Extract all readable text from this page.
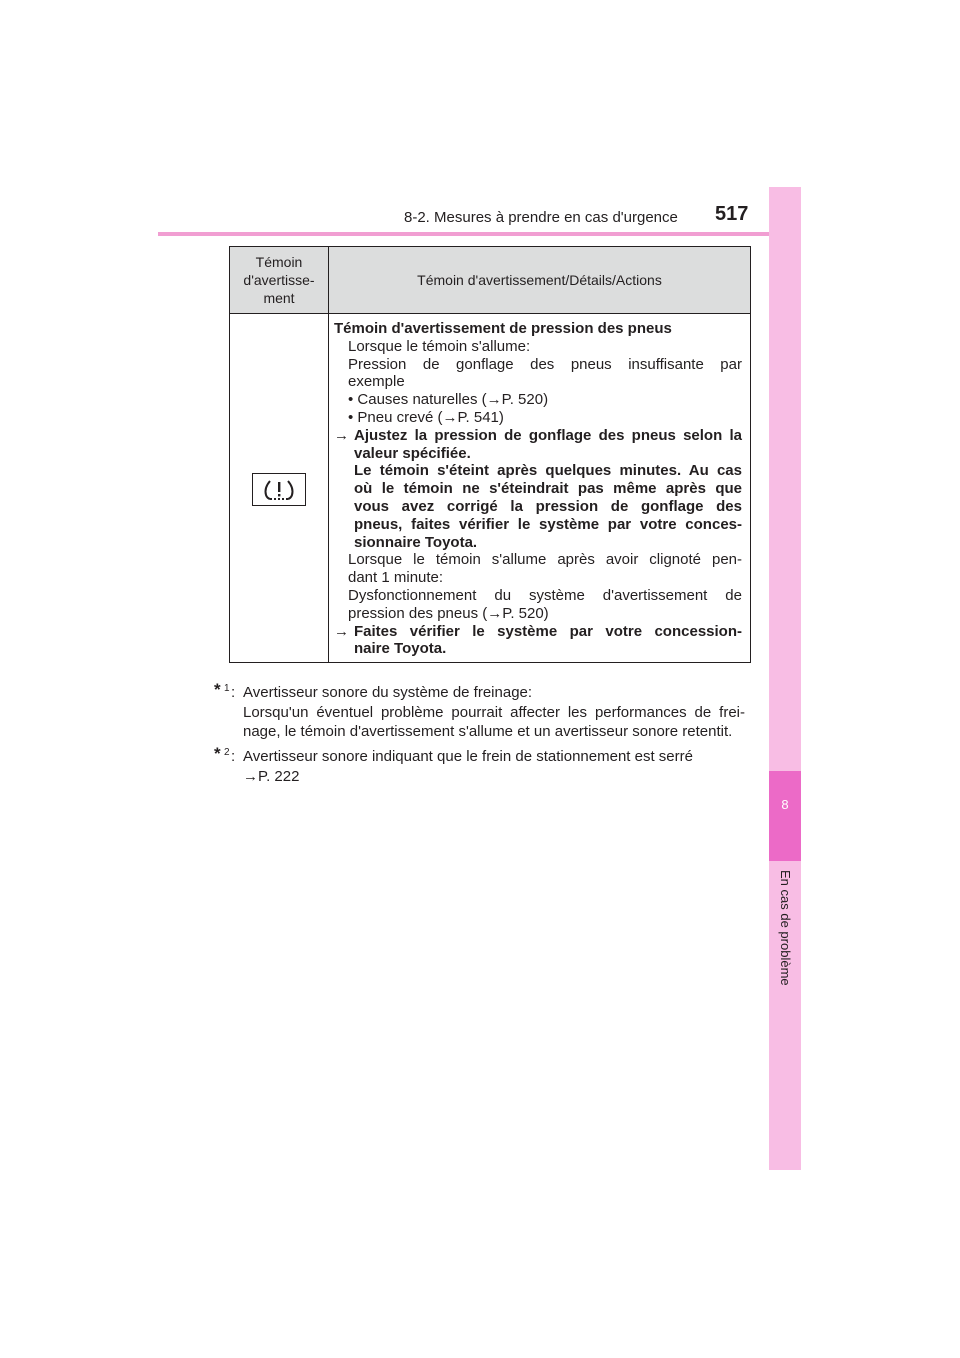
8-2. Mesures à prendre en cas d'urgence 517
8
En cas de problème
Témoin
d'avertisse-
ment
Témoin d'avertissement/Détails/Actions
Témoin d'avertissement de pression des pneus
Lorsque le témoin s'allume:
Pression de gonflage des pneus insuffisante par
exemple
• Causes naturelles (→P. 520)
• Pneu crevé (→P. 541)
→ Ajustez la pression de gonflage des pneus selon la
valeur spécifiée.
Le témoin s'éteint après quelques minutes. Au cas
où le témoin ne s'éteindrait pas même après que
vous avez corrigé la pression de gonflage des
pneus, faites vérifier le système par votre conces-
sionnaire Toyota.
Lorsque le témoin s'allume après avoir clignoté pen-
dant 1 minute:
Dysfonctionnement du système d'avertissement de
pression des pneus (→P. 520)
→ Faites vérifier le système par votre concession-
naire Toyota.
* 1 : Avertisseur sonore du système de freinage:
Lorsqu'un éventuel problème pourrait affecter les performances de frei-
nage, le témoin d'avertissement s'allume et un avertisseur sonore retentit.
* 2 : Avertisseur sonore indiquant que le frein de stationnement est serré
→P. 222
